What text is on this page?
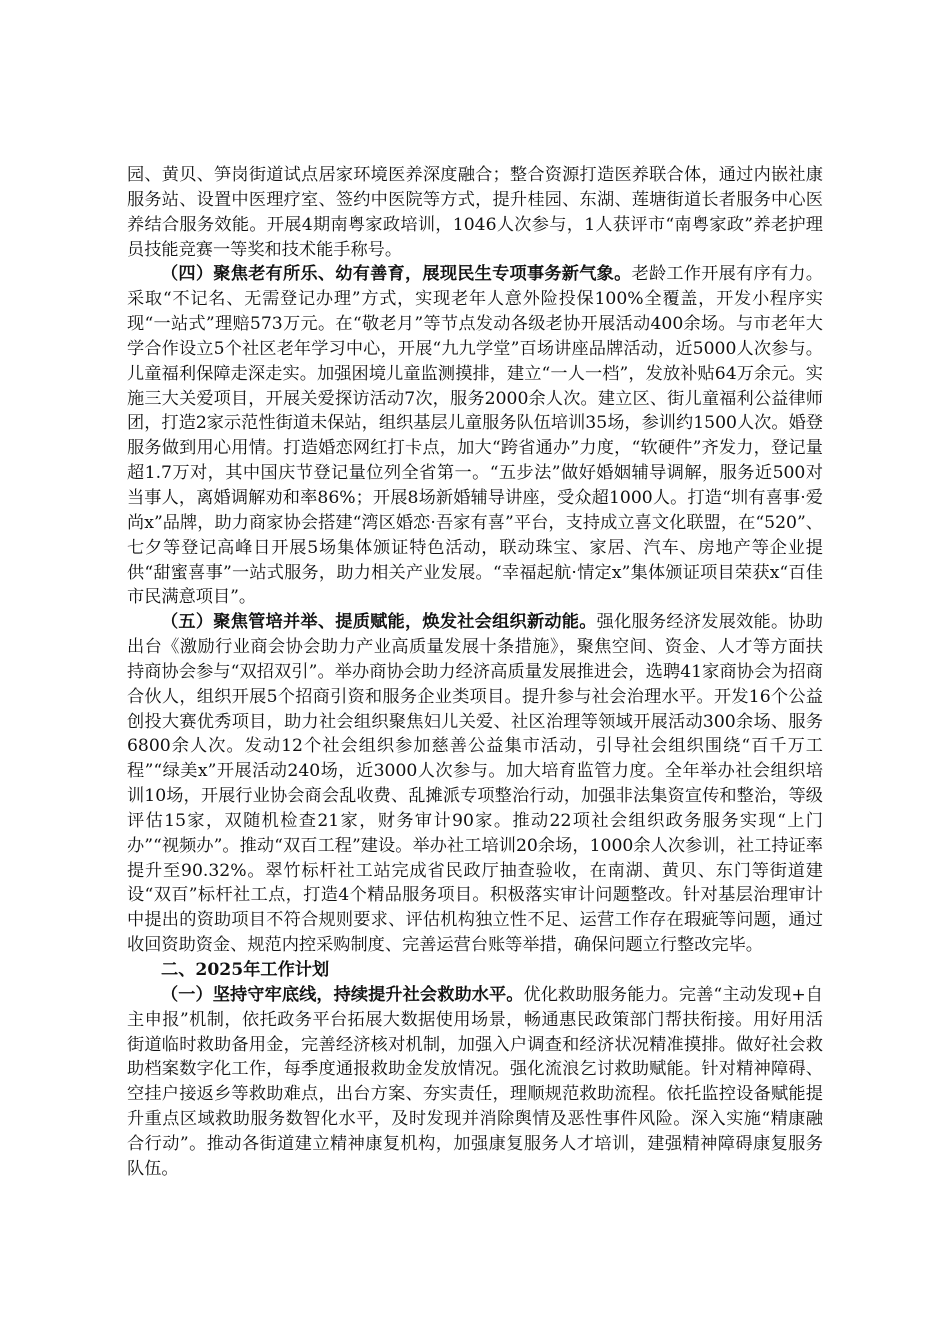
园、黄贝、笋岗街道试点居家环境医养深度融合；整合资源打造医养联合体，通过内嵌社康服务站、设置中医理疗室、签约中医院等方式，提升桂园、东湖、莲塘街道长者服务中心医养结合服务效能。开展4期南粤家政培训，1046人次参与，1人获评市“南粤家政”养老护理员技能竞赛一等奖和技术能手称号。

（四）聚焦老有所乐、幼有善育，展现民生专项事务新气象。老龄工作开展有序有力。采取“不记名、无需登记办理”方式，实现老年人意外险投保100%全覆盖，开发小程序实现“一站式”理赔573万元。在“敬老月”等节点发动各级老协开展活动400余场。与市老年大学合作设立5个社区老年学习中心，开展“九九学堂”百场讲座品牌活动，近5000人次参与。儿童福利保障走深走实。加强困境儿童监测摸排，建立“一人一档”，发放补贴64万余元。实施三大关爱项目，开展关爱探访活动7次，服务2000余人次。建立区、街儿童福利公益律师团，打造2家示范性街道未保站，组织基层儿童服务队伍培训35场，参训约1500人次。婚登服务做到用心用情。打造婚恋网红打卡点，加大“跨省通办”力度，“软硬件”齐发力，登记量超1.7万对，其中国庆节登记量位列全省第一。“五步法”做好婚姻辅导调解，服务近500对当事人，离婚调解劝和率86%；开展8场新婚辅导讲座，受众超1000人。打造“圳有喜事·爱尚x”品牌，助力商家协会搭建“湾区婚恋·吾家有喜”平台，支持成立喜文化联盟，在“520”、七夕等登记高峰日开展5场集体颁证特色活动，联动珠宝、家居、汽车、房地产等企业提供“甜蜜喜事”一站式服务，助力相关产业发展。“幸福起航·情定x”集体颁证项目荣获x“百佳市民满意项目”。

（五）聚焦管培并举、提质赋能，焕发社会组织新动能。强化服务经济发展效能。协助出台《激励行业商会协会助力产业高质量发展十条措施》，聚焦空间、资金、人才等方面扶持商协会参与“双招双引”。举办商协会助力经济高质量发展推进会，选聘41家商协会为招商合伙人，组织开展5个招商引资和服务企业类项目。提升参与社会治理水平。开发16个公益创投大赛优秀项目，助力社会组织聚焦妇儿关爱、社区治理等领域开展活动300余场、服务6800余人次。发动12个社会组织参加慈善公益集市活动，引导社会组织围绕“百千万工程”“绿美x”开展活动240场，近3000人次参与。加大培育监管力度。全年举办社会组织培训10场，开展行业协会商会乱收费、乱摊派专项整治行动，加强非法集资宣传和整治，等级评估15家，双随机检查21家，财务审计90家。推动22项社会组织政务服务实现“上门办”“视频办”。推动“双百工程”建设。举办社工培训20余场，1000余人次参训，社工持证率提升至90.32%。翠竹标杆社工站完成省民政厅抽查验收，在南湖、黄贝、东门等街道建设“双百”标杆社工点，打造4个精品服务项目。积极落实审计问题整改。针对基层治理审计中提出的资助项目不符合规则要求、评估机构独立性不足、运营工作存在瑕疵等问题，通过收回资助资金、规范内控采购制度、完善运营台账等举措，确保问题立行整改完毕。

二、2025年工作计划

（一）坚持守牢底线，持续提升社会救助水平。优化救助服务能力。完善“主动发现+自主申报”机制，依托政务平台拓展大数据使用场景，畅通惠民政策部门帮扶衔接。用好用活街道临时救助备用金，完善经济核对机制，加强入户调查和经济状况精准摸排。做好社会救助档案数字化工作，每季度通报救助金发放情况。强化流浪乞讨救助赋能。针对精神障碍、空挂户接返乡等救助难点，出台方案、夯实责任，理顺规范救助流程。依托监控设备赋能提升重点区域救助服务数智化水平，及时发现并消除舆情及恶性事件风险。深入实施“精康融合行动”。推动各街道建立精神康复机构，加强康复服务人才培训，建强精神障碍康复服务队伍。
